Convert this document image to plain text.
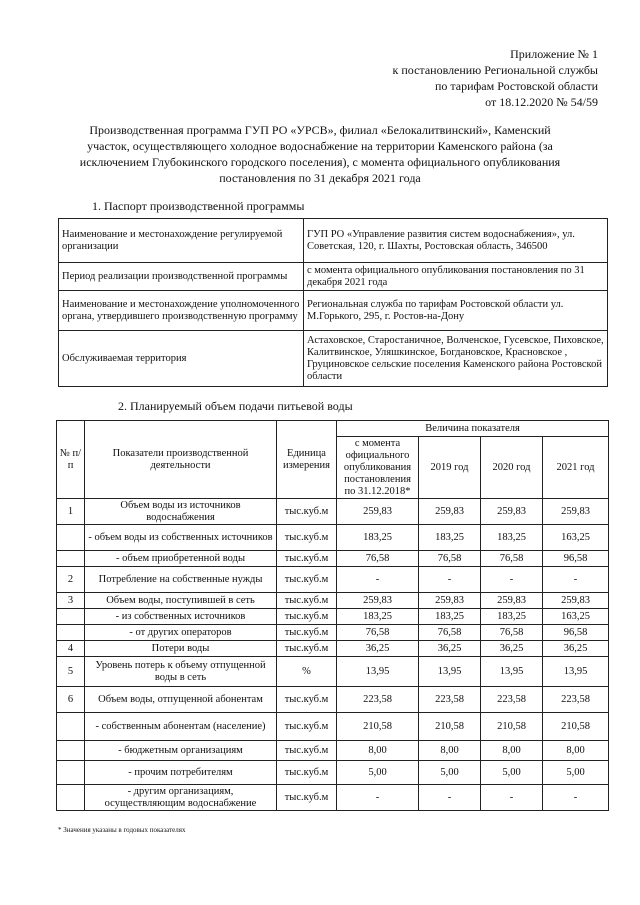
Приложение № 1
к постановлению Региональной службы
по тарифам Ростовской области
от 18.12.2020 № 54/59
Производственная программа ГУП РО «УРСВ», филиал «Белокалитвинский», Каменский участок, осуществляющего холодное водоснабжение на территории Каменского района (за исключением Глубокинского городского поселения), с момента официального опубликования постановления по 31 декабря 2021 года
1. Паспорт производственной программы
Наименование и местонахождение регулируемой организации	ГУП РО «Управление развития систем водоснабжения», ул. Советская, 120, г. Шахты, Ростовская область, 346500
Период реализации производственной программы	с момента официального опубликования постановления по 31 декабря 2021 года
Наименование и местонахождение уполномоченного органа, утвердившего производственную программу	Региональная служба по тарифам Ростовской области ул. М.Горького, 295, г. Ростов-на-Дону
Обслуживаемая территория	Астаховское, Старостаничное, Волченское, Гусевское, Пиховское, Калитвинское, Уляшкинское, Богдановское, Красновское , Груциновское сельские поселения Каменского района Ростовской области
2. Планируемый объем подачи питьевой воды
№ п/п	Показатели производственной деятельности	Единица измерения	Величина показателя			
			с момента официального опубликования постановления по 31.12.2018*	2019 год	2020 год	2021 год
1	Объем воды из источников водоснабжения	тыс.куб.м	259,83	259,83	259,83	259,83
	- объем воды из собственных источников	тыс.куб.м	183,25	183,25	183,25	163,25
	- объем приобретенной воды	тыс.куб.м	76,58	76,58	76,58	96,58
2	Потребление на собственные нужды	тыс.куб.м	-	-	-	-
3	Объем воды, поступившей в сеть	тыс.куб.м	259,83	259,83	259,83	259,83
	- из собственных источников	тыс.куб.м	183,25	183,25	183,25	163,25
	- от других операторов	тыс.куб.м	76,58	76,58	76,58	96,58
4	Потери воды	тыс.куб.м	36,25	36,25	36,25	36,25
5	Уровень потерь к объему отпущенной воды в сеть	%	13,95	13,95	13,95	13,95
6	Объем воды, отпущенной абонентам	тыс.куб.м	223,58	223,58	223,58	223,58
	- собственным абонентам (население)	тыс.куб.м	210,58	210,58	210,58	210,58
	- бюджетным организациям	тыс.куб.м	8,00	8,00	8,00	8,00
	- прочим потребителям	тыс.куб.м	5,00	5,00	5,00	5,00
	- другим организациям, осуществляющим водоснабжение	тыс.куб.м	-	-	-	-
* Значения указаны в годовых показателях
